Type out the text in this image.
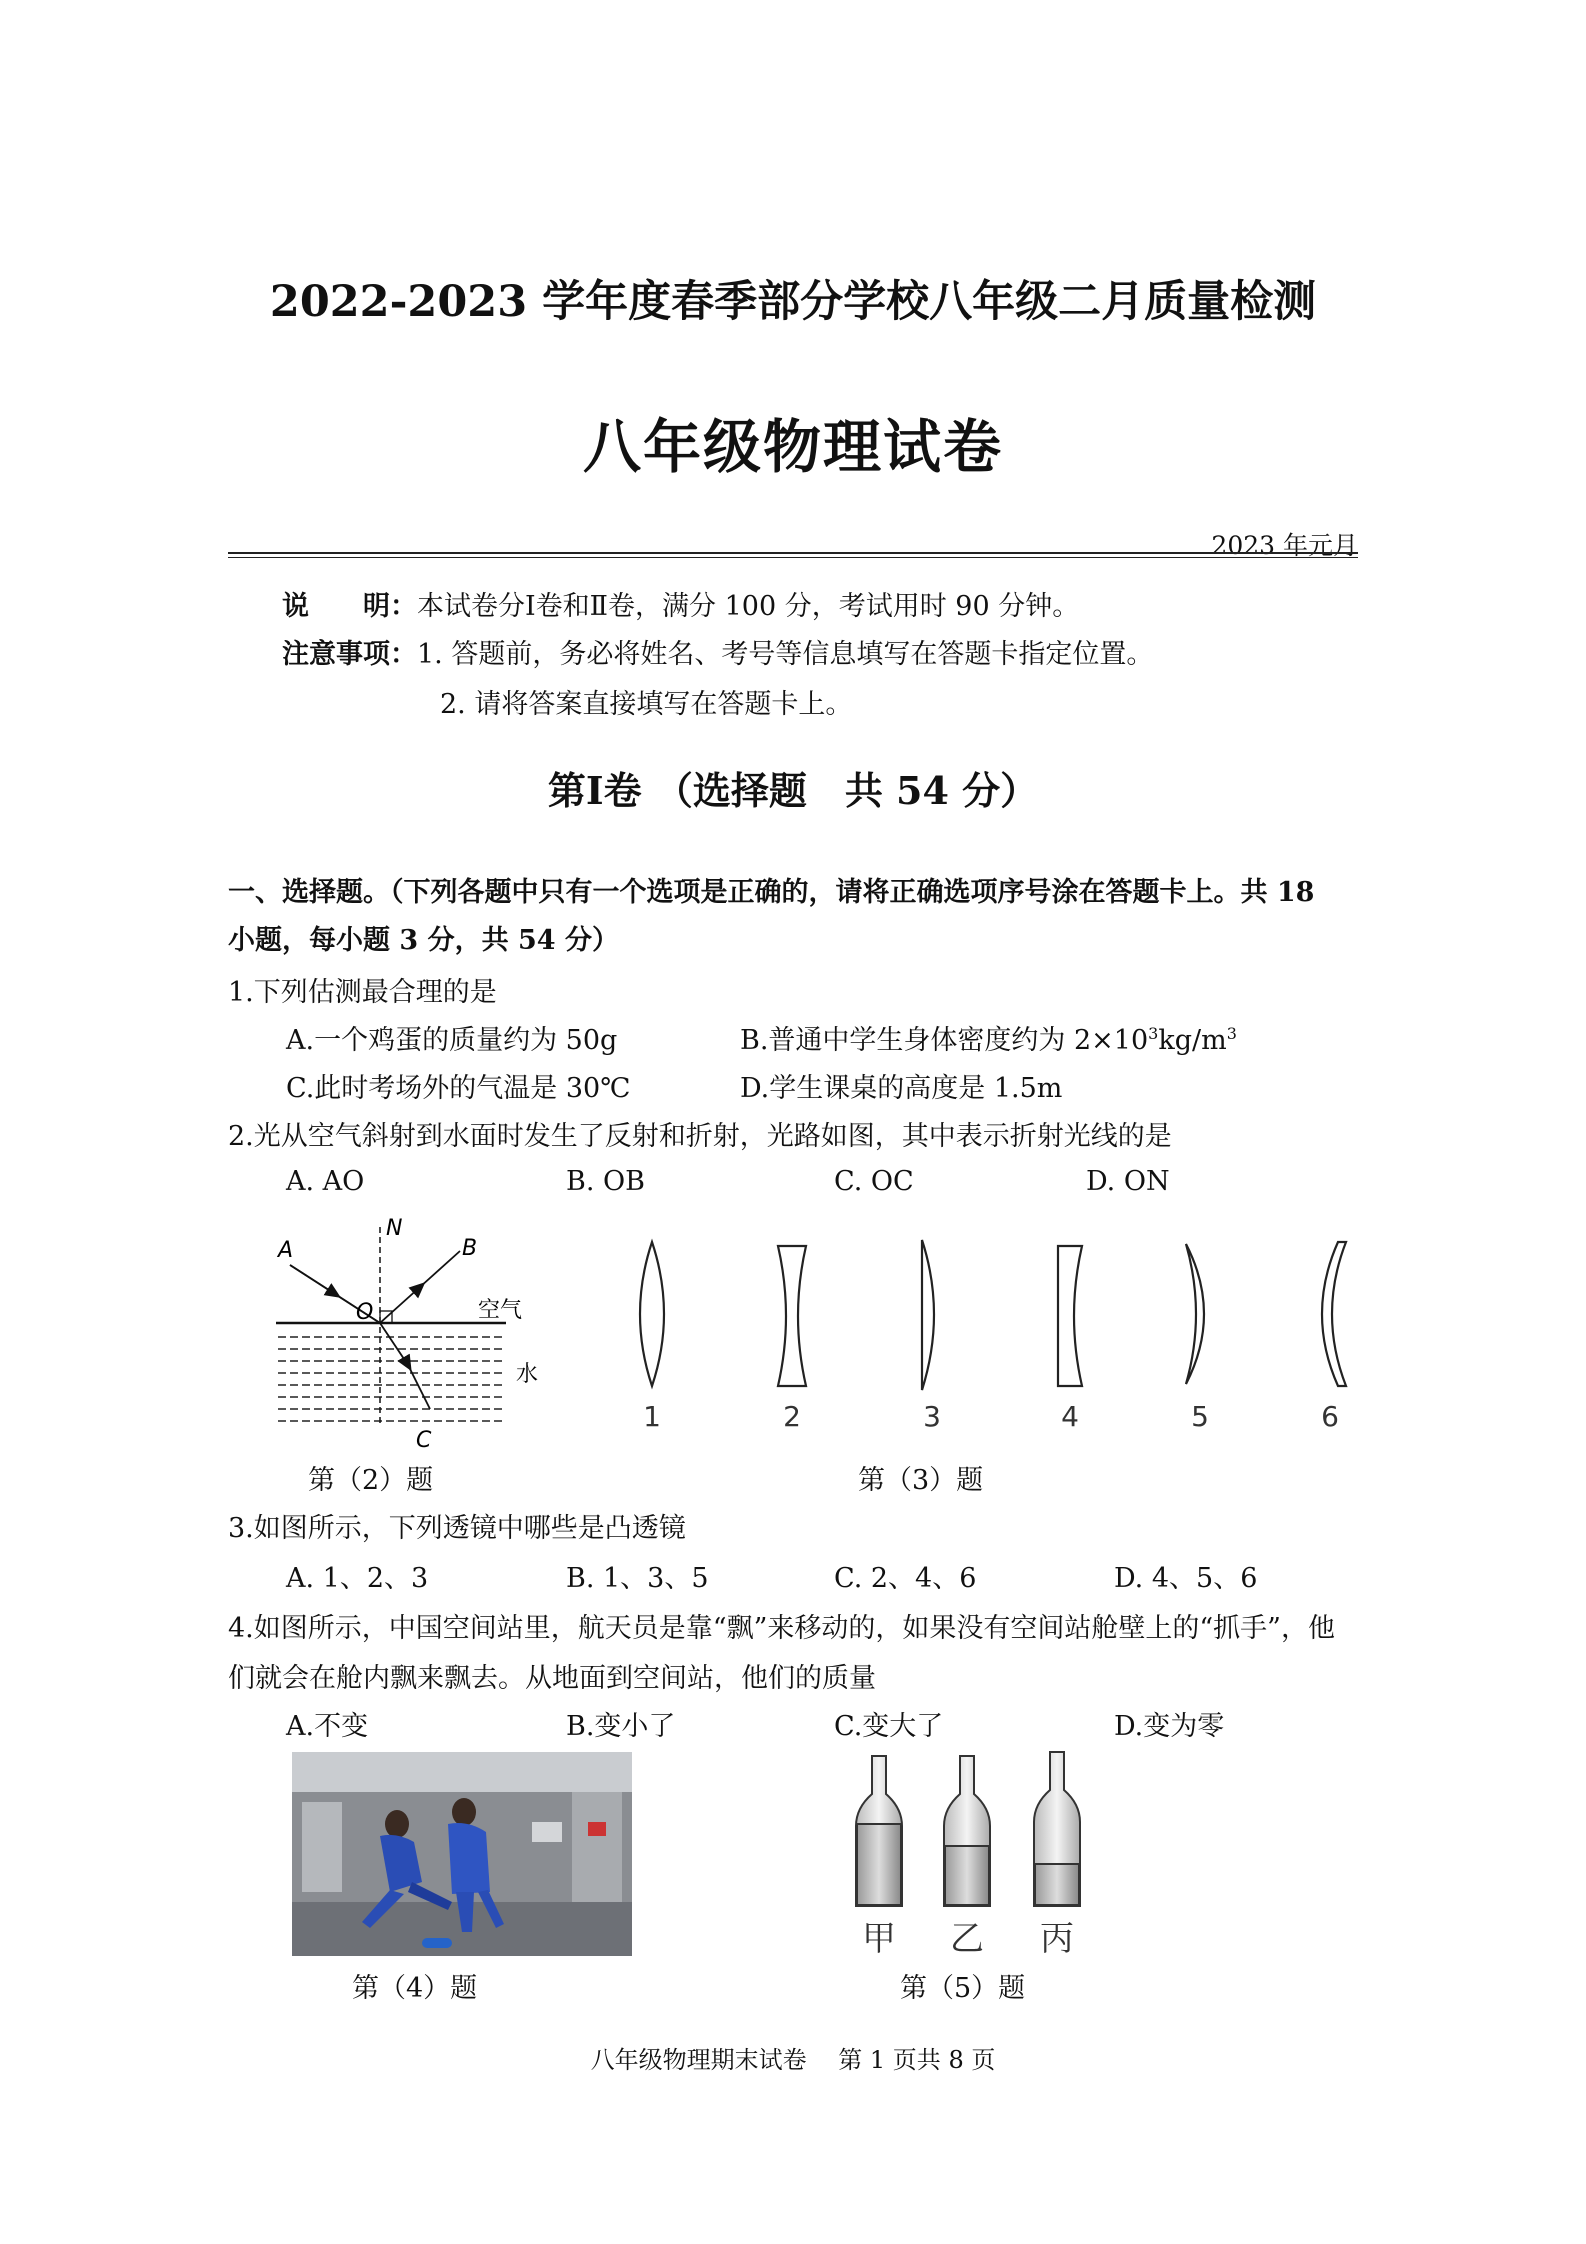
2022-2023 学年度春季部分学校八年级二月质量检测
八年级物理试卷
2023 年元月
说　　明：本试卷分Ⅰ卷和Ⅱ卷，满分 100 分，考试用时 90 分钟。
注意事项：1. 答题前，务必将姓名、考号等信息填写在答题卡指定位置。
2. 请将答案直接填写在答题卡上。
第Ⅰ卷 （选择题　共 54 分）
一、选择题。（下列各题中只有一个选项是正确的，请将正确选项序号涂在答题卡上。共 18
小题，每小题 3 分，共 54 分）
1.下列估测最合理的是
A.一个鸡蛋的质量约为 50g	B.普通中学生身体密度约为 $2\times 10^3kg/m^3$
C.此时考场外的气温是 30℃	D.学生课桌的高度是 1.5m
2.光从空气斜射到水面时发生了反射和折射，光路如图，其中表示折射光线的是
A. AO	B. OB	C. OC	D. ON
A
N
B
O
C
空气
水
第（2）题
1	2	3	4	5	6
第（3）题
3.如图所示，下列透镜中哪些是凸透镜
A. 1、2、3	B. 1、3、5	C. 2、4、6	D. 4、5、6
4.如图所示，中国空间站里，航天员是靠“飘”来移动的，如果没有空间站舱壁上的“抓手”，他
们就会在舱内飘来飘去。从地面到空间站，他们的质量
A.不变	B.变小了	C.变大了	D.变为零
第（4）题
甲 乙 丙
第（5）题
八年级物理期末试卷　 第 1 页共 8 页
